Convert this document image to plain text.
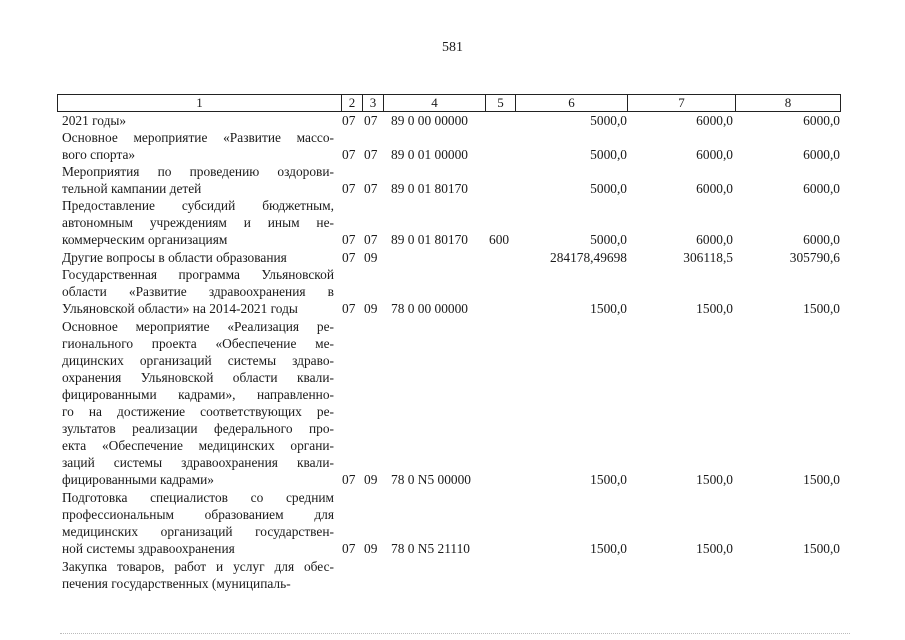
581
1	2	3	4	5	6	7	8
2021 годы»	07 07 89 0 00 00000	5000,0	6000,0	6000,0
Основное мероприятие «Развитие массо-
вого спорта»	07 07 89 0 01 00000	5000,0	6000,0	6000,0
Мероприятия по проведению оздорови-
тельной кампании детей	07 07 89 0 01 80170	5000,0	6000,0	6000,0
Предоставление субсидий бюджетным,
автономным учреждениям и иным не-
коммерческим организациям	07 07 89 0 01 80170 600	5000,0	6000,0	6000,0
Другие вопросы в области образования	07 09	284178,49698	306118,5	305790,6
Государственная программа Ульяновской
области «Развитие здравоохранения в
Ульяновской области» на 2014-2021 годы	07 09 78 0 00 00000	1500,0	1500,0	1500,0
Основное мероприятие «Реализация ре-
гионального проекта «Обеспечение ме-
дицинских организаций системы здраво-
охранения Ульяновской области квали-
фицированными кадрами», направленно-
го на достижение соответствующих ре-
зультатов реализации федерального про-
екта «Обеспечение медицинских органи-
заций системы здравоохранения квали-
фицированными кадрами»	07 09 78 0 N5 00000	1500,0	1500,0	1500,0
Подготовка специалистов со средним
профессиональным образованием для
медицинских организаций государствен-
ной системы здравоохранения	07 09 78 0 N5 21110	1500,0	1500,0	1500,0
Закупка товаров, работ и услуг для обес-
печения государственных (муниципаль-
